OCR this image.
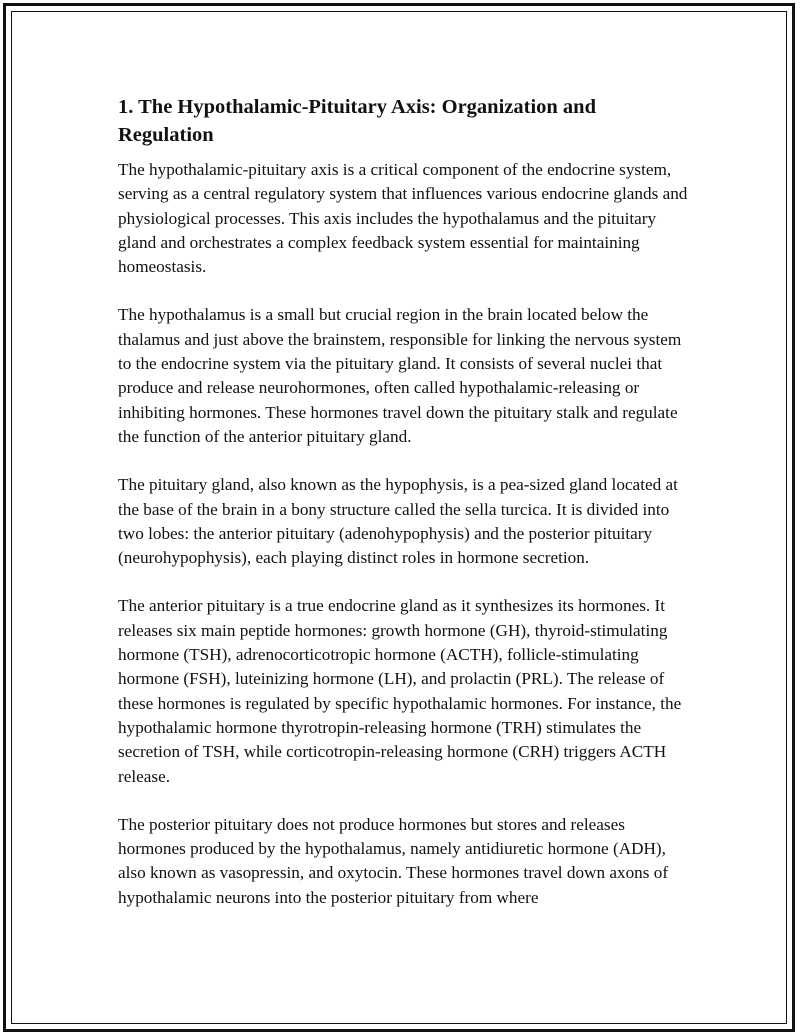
1. The Hypothalamic-Pituitary Axis: Organization and Regulation

The hypothalamic-pituitary axis is a critical component of the endocrine system, serving as a central regulatory system that influences various endocrine glands and physiological processes. This axis includes the hypothalamus and the pituitary gland and orchestrates a complex feedback system essential for maintaining homeostasis.

The hypothalamus is a small but crucial region in the brain located below the thalamus and just above the brainstem, responsible for linking the nervous system to the endocrine system via the pituitary gland. It consists of several nuclei that produce and release neurohormones, often called hypothalamic-releasing or inhibiting hormones. These hormones travel down the pituitary stalk and regulate the function of the anterior pituitary gland.

The pituitary gland, also known as the hypophysis, is a pea-sized gland located at the base of the brain in a bony structure called the sella turcica. It is divided into two lobes: the anterior pituitary (adenohypophysis) and the posterior pituitary (neurohypophysis), each playing distinct roles in hormone secretion.

The anterior pituitary is a true endocrine gland as it synthesizes its hormones. It releases six main peptide hormones: growth hormone (GH), thyroid-stimulating hormone (TSH), adrenocorticotropic hormone (ACTH), follicle-stimulating hormone (FSH), luteinizing hormone (LH), and prolactin (PRL). The release of these hormones is regulated by specific hypothalamic hormones. For instance, the hypothalamic hormone thyrotropin-releasing hormone (TRH) stimulates the secretion of TSH, while corticotropin-releasing hormone (CRH) triggers ACTH release.

The posterior pituitary does not produce hormones but stores and releases hormones produced by the hypothalamus, namely antidiuretic hormone (ADH), also known as vasopressin, and oxytocin. These hormones travel down axons of hypothalamic neurons into the posterior pituitary from where
